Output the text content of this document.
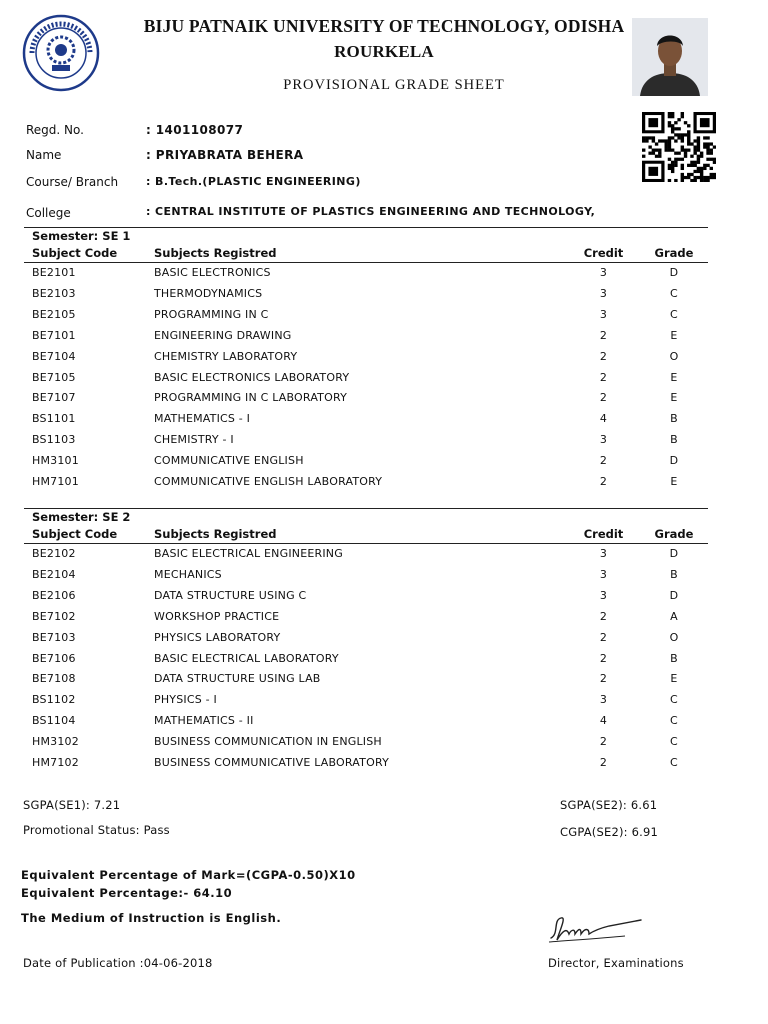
BIJU PATNAIK UNIVERSITY OF TECHNOLOGY, ODISHA
ROURKELA
PROVISIONAL GRADE SHEET
Regd. No.	: 1401108077
Name	: PRIYABRATA BEHERA
Course/ Branch	: B.Tech.(PLASTIC ENGINEERING)
College	: CENTRAL INSTITUTE OF PLASTICS ENGINEERING AND TECHNOLOGY,
Semester: SE 1
Subject Code	Subjects Registred	Credit	Grade
BE2101	BASIC ELECTRONICS	3	D
BE2103	THERMODYNAMICS	3	C
BE2105	PROGRAMMING IN C	3	C
BE7101	ENGINEERING DRAWING	2	E
BE7104	CHEMISTRY LABORATORY	2	O
BE7105	BASIC ELECTRONICS LABORATORY	2	E
BE7107	PROGRAMMING IN C LABORATORY	2	E
BS1101	MATHEMATICS - I	4	B
BS1103	CHEMISTRY - I	3	B
HM3101	COMMUNICATIVE ENGLISH	2	D
HM7101	COMMUNICATIVE ENGLISH LABORATORY	2	E
Semester: SE 2
Subject Code	Subjects Registred	Credit	Grade
BE2102	BASIC ELECTRICAL ENGINEERING	3	D
BE2104	MECHANICS	3	B
BE2106	DATA STRUCTURE USING C	3	D
BE7102	WORKSHOP PRACTICE	2	A
BE7103	PHYSICS LABORATORY	2	O
BE7106	BASIC ELECTRICAL LABORATORY	2	B
BE7108	DATA STRUCTURE USING LAB	2	E
BS1102	PHYSICS - I	3	C
BS1104	MATHEMATICS - II	4	C
HM3102	BUSINESS COMMUNICATION IN ENGLISH	2	C
HM7102	BUSINESS COMMUNICATIVE LABORATORY	2	C
SGPA(SE1): 7.21	SGPA(SE2): 6.61
Promotional Status: Pass	CGPA(SE2): 6.91
Equivalent Percentage of Mark=(CGPA-0.50)X10
Equivalent Percentage:- 64.10
The Medium of Instruction is English.
Date of Publication :04-06-2018	Director, Examinations
